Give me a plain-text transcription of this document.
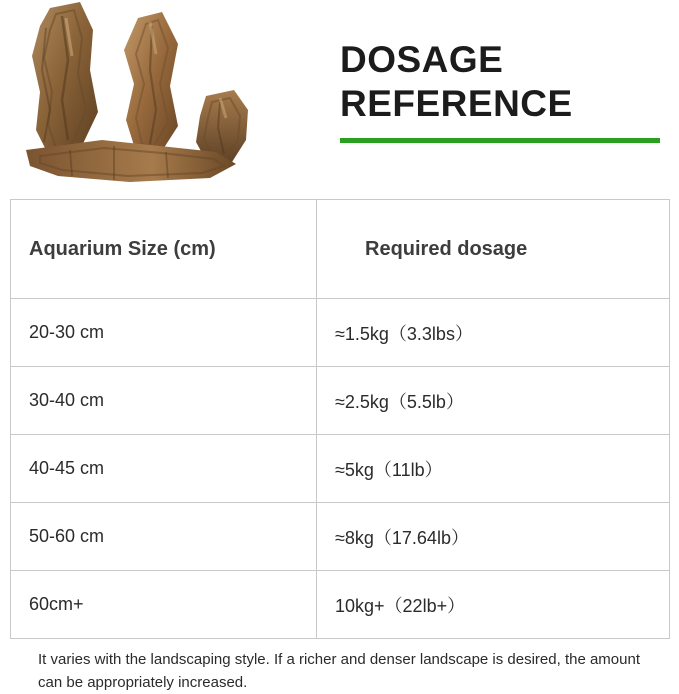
DOSAGE
REFERENCE
Aquarium Size (cm)	Required dosage
20-30 cm	≈1.5kg（3.3lbs）
30-40 cm	≈2.5kg（5.5lb）
40-45 cm	≈5kg（11lb）
50-60 cm	≈8kg（17.64lb）
60cm+	10kg+（22lb+）
It varies with the landscaping style. If a richer and denser landscape is desired, the amount can be appropriately increased.
